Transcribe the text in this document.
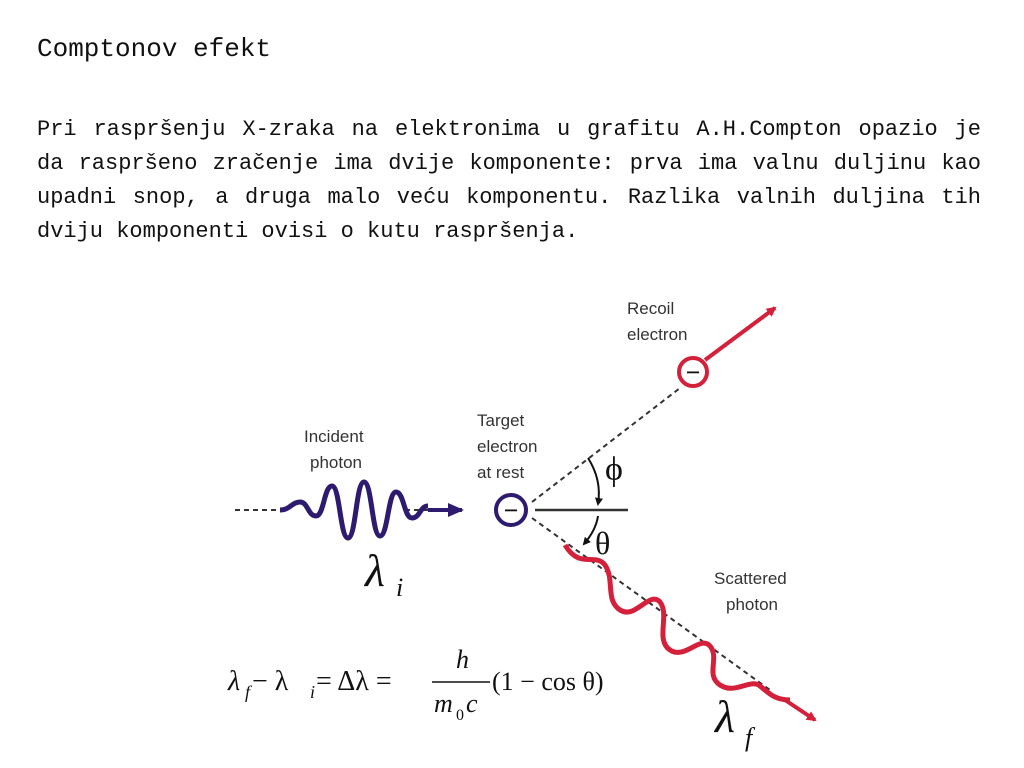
Comptonov efekt

Pri raspršenju X-zraka na elektronima u grafitu A.H.Compton opazio je da raspršeno zračenje ima dvije komponente: prva ima valnu duljinu kao upadni snop, a druga malo veću komponentu. Razlika valnih duljina tih dviju komponenti ovisi o kutu raspršenja.

−
−
Recoil
electron
Incident
photon
Target
electron
at rest
Scattered
photon
ϕ
θ
λ i
λ f
λ f − λ i = Δλ =
h
m 0 c
(1 − cos θ)
